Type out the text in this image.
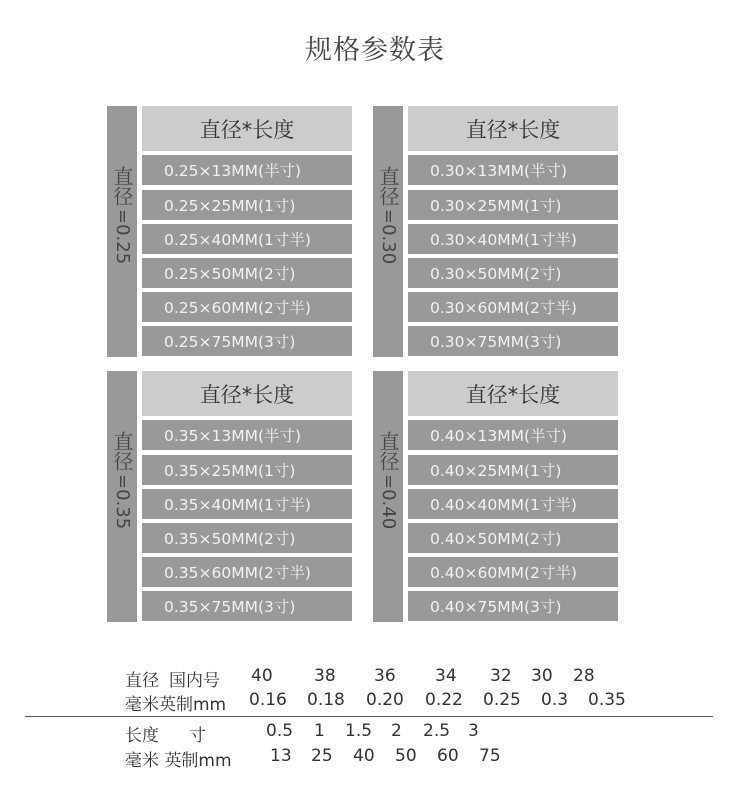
规格参数表
直径
=0.25
直径*长度
0.25×13MM(半寸)
0.25×25MM(1寸)
0.25×40MM(1寸半)
0.25×50MM(2寸)
0.25×60MM(2寸半)
0.25×75MM(3寸)
直径
=0.30
直径*长度
0.30×13MM(半寸)
0.30×25MM(1寸)
0.30×40MM(1寸半)
0.30×50MM(2寸)
0.30×60MM(2寸半)
0.30×75MM(3寸)
直径
=0.35
直径*长度
0.35×13MM(半寸)
0.35×25MM(1寸)
0.35×40MM(1寸半)
0.35×50MM(2寸)
0.35×60MM(2寸半)
0.35×75MM(3寸)
直径
=0.40
直径*长度
0.40×13MM(半寸)
0.40×25MM(1寸)
0.40×40MM(1寸半)
0.40×50MM(2寸)
0.40×60MM(2寸半)
0.40×75MM(3寸)
直径 国内号 40 38 36 34 32 30 28
毫米英制mm 0.16 0.18 0.20 0.22 0.25 0.3 0.35
长度 寸	0.5 1 1.5 2 2.5 3
毫米 英制mm 13 25 40 50 60 75
